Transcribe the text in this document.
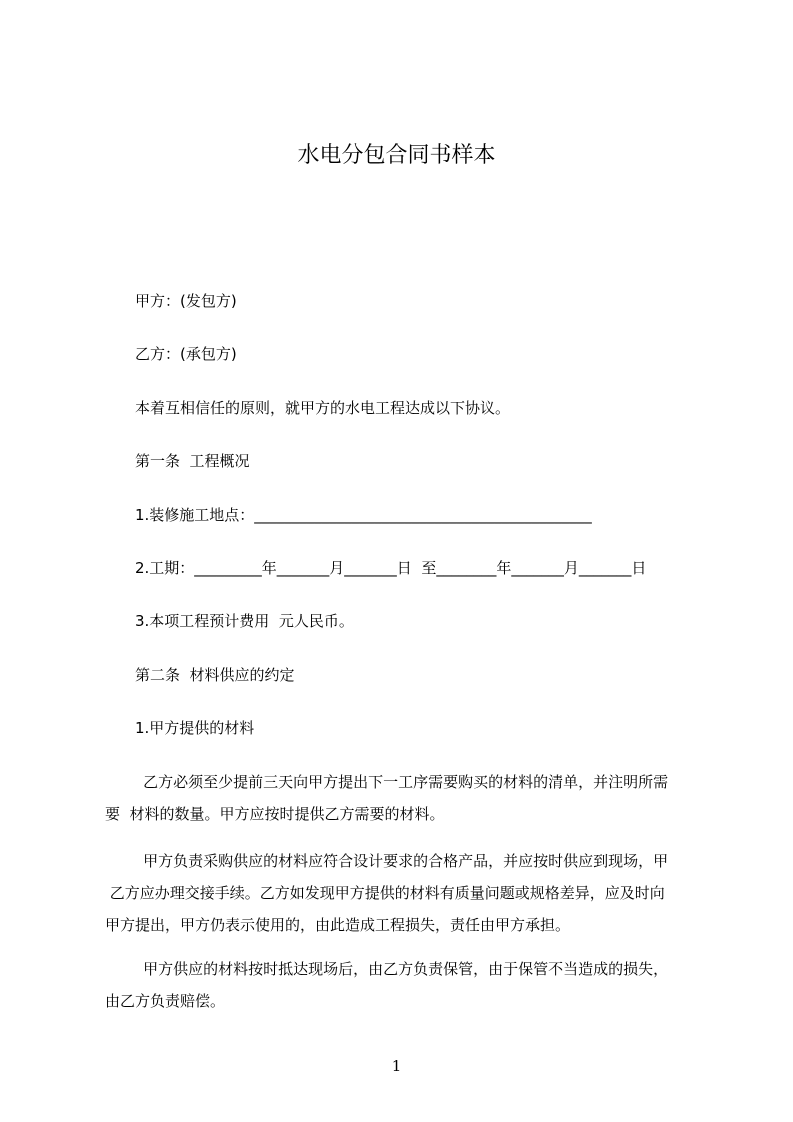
水电分包合同书样本
甲方：(发包方)
乙方：(承包方)
本着互相信任的原则，就甲方的水电工程达成以下协议。
第一条  工程概况
1.装修施工地点：_____________________________________________
2.工期：_________年_______月_______日  至________年_______月_______日
3.本项工程预计费用  元人民币。
第二条  材料供应的约定
1.甲方提供的材料
乙方必须至少提前三天向甲方提出下一工序需要购买的材料的清单，并注明所需
要  材料的数量。甲方应按时提供乙方需要的材料。
甲方负责采购供应的材料应符合设计要求的合格产品，并应按时供应到现场，甲
乙方应办理交接手续。乙方如发现甲方提供的材料有质量问题或规格差异，应及时向
甲方提出，甲方仍表示使用的，由此造成工程损失，责任由甲方承担。
甲方供应的材料按时抵达现场后，由乙方负责保管，由于保管不当造成的损失，
由乙方负责赔偿。
1
